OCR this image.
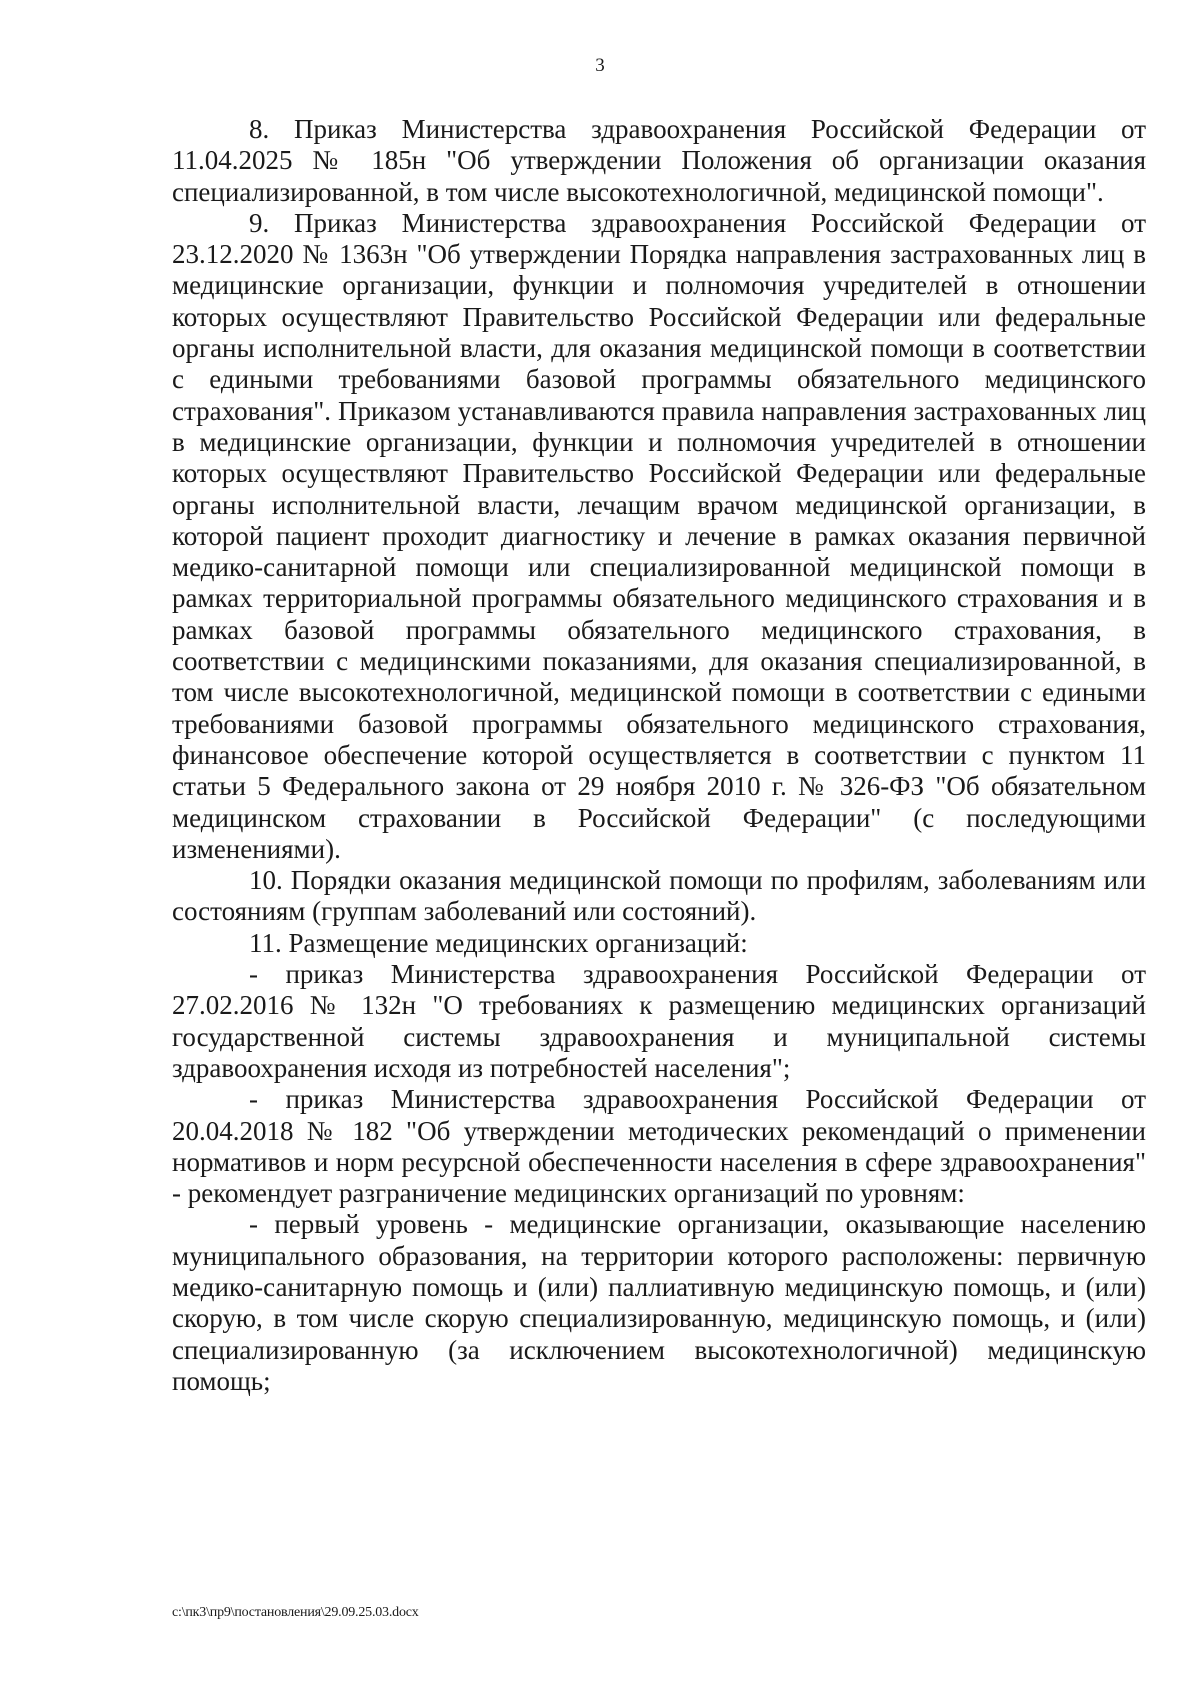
3

8. Приказ Министерства здравоохранения Российской Федерации от 11.04.2025 № 185н "Об утверждении Положения об организации оказания специализированной, в том числе высокотехнологичной, медицинской помощи".

9. Приказ Министерства здравоохранения Российской Федерации от 23.12.2020 № 1363н "Об утверждении Порядка направления застрахованных лиц в медицинские организации, функции и полномочия учредителей в отношении которых осуществляют Правительство Российской Федерации или федеральные органы исполнительной власти, для оказания медицинской помощи в соответствии с едиными требованиями базовой программы обязательного медицинского страхования". Приказом устанавливаются правила направления застрахованных лиц в медицинские организации, функции и полномочия учредителей в отношении которых осуществляют Правительство Российской Федерации или федеральные органы исполнительной власти, лечащим врачом медицинской организации, в которой пациент проходит диагностику и лечение в рамках оказания первичной медико-санитарной помощи или специализированной медицинской помощи в рамках территориальной программы обязательного медицинского страхования и в рамках базовой программы обязательного медицинского страхования, в соответствии с медицинскими показаниями, для оказания специализированной, в том числе высокотехнологичной, медицинской помощи в соответствии с едиными требованиями базовой программы обязательного медицинского страхования, финансовое обеспечение которой осуществляется в соответствии с пунктом 11 статьи 5 Федерального закона от 29 ноября 2010 г. № 326-ФЗ "Об обязательном медицинском страховании в Российской Федерации" (с последующими изменениями).

10. Порядки оказания медицинской помощи по профилям, заболеваниям или состояниям (группам заболеваний или состояний).

11. Размещение медицинских организаций:

- приказ Министерства здравоохранения Российской Федерации от 27.02.2016 № 132н "О требованиях к размещению медицинских организаций государственной системы здравоохранения и муниципальной системы здравоохранения исходя из потребностей населения";

- приказ Министерства здравоохранения Российской Федерации от 20.04.2018 № 182 "Об утверждении методических рекомендаций о применении нормативов и норм ресурсной обеспеченности населения в сфере здравоохранения" - рекомендует разграничение медицинских организаций по уровням:

- первый уровень - медицинские организации, оказывающие населению муниципального образования, на территории которого расположены: первичную медико-санитарную помощь и (или) паллиативную медицинскую помощь, и (или) скорую, в том числе скорую специализированную, медицинскую помощь, и (или) специализированную (за исключением высокотехнологичной) медицинскую помощь;

c:\пк3\пр9\постановления\29.09.25.03.docx
